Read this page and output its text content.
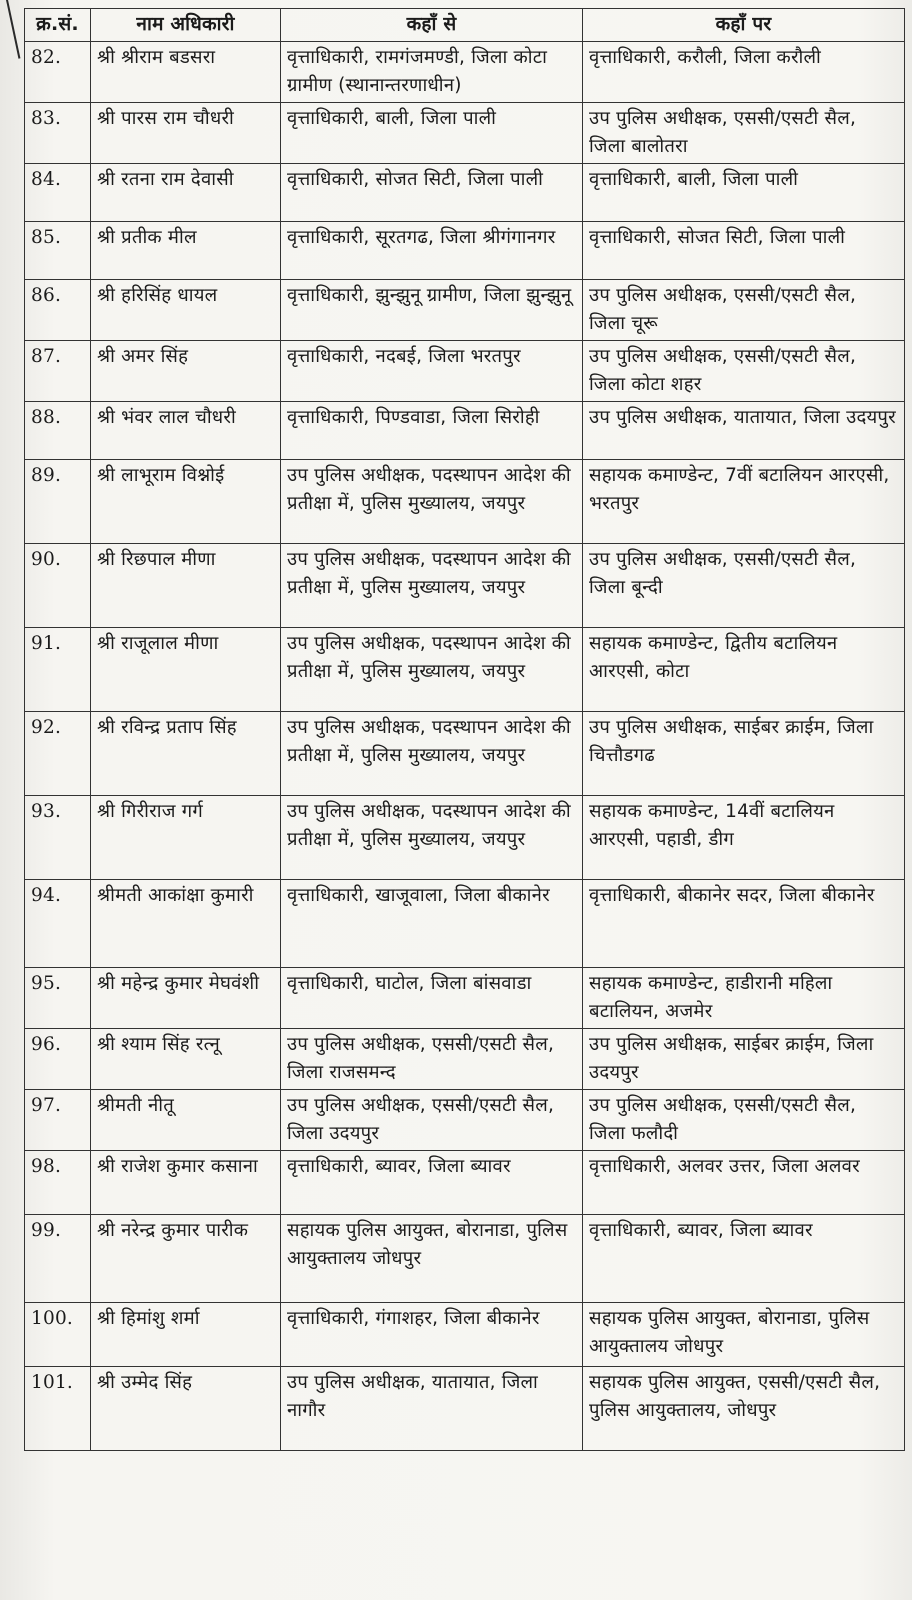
क्र.सं.	नाम अधिकारी	कहाँ से	कहाँ पर
82.	श्री श्रीराम बडसरा	वृत्ताधिकारी, रामगंजमण्डी, जिला कोटा ग्रामीण (स्थानान्तरणाधीन)	वृत्ताधिकारी, करौली, जिला करौली
83.	श्री पारस राम चौधरी	वृत्ताधिकारी, बाली, जिला पाली	उप पुलिस अधीक्षक, एससी/एसटी सैल, जिला बालोतरा
84.	श्री रतना राम देवासी	वृत्ताधिकारी, सोजत सिटी, जिला पाली	वृत्ताधिकारी, बाली, जिला पाली
85.	श्री प्रतीक मील	वृत्ताधिकारी, सूरतगढ, जिला श्रीगंगानगर	वृत्ताधिकारी, सोजत सिटी, जिला पाली
86.	श्री हरिसिंह धायल	वृत्ताधिकारी, झुन्झुनू ग्रामीण, जिला झुन्झुनू	उप पुलिस अधीक्षक, एससी/एसटी सैल, जिला चूरू
87.	श्री अमर सिंह	वृत्ताधिकारी, नदबई, जिला भरतपुर	उप पुलिस अधीक्षक, एससी/एसटी सैल, जिला कोटा शहर
88.	श्री भंवर लाल चौधरी	वृत्ताधिकारी, पिण्डवाडा, जिला सिरोही	उप पुलिस अधीक्षक, यातायात, जिला उदयपुर
89.	श्री लाभूराम विश्नोई	उप पुलिस अधीक्षक, पदस्थापन आदेश की प्रतीक्षा में, पुलिस मुख्यालय, जयपुर	सहायक कमाण्डेन्ट, 7वीं बटालियन आरएसी, भरतपुर
90.	श्री रिछपाल मीणा	उप पुलिस अधीक्षक, पदस्थापन आदेश की प्रतीक्षा में, पुलिस मुख्यालय, जयपुर	उप पुलिस अधीक्षक, एससी/एसटी सैल, जिला बून्दी
91.	श्री राजूलाल मीणा	उप पुलिस अधीक्षक, पदस्थापन आदेश की प्रतीक्षा में, पुलिस मुख्यालय, जयपुर	सहायक कमाण्डेन्ट, द्वितीय बटालियन आरएसी, कोटा
92.	श्री रविन्द्र प्रताप सिंह	उप पुलिस अधीक्षक, पदस्थापन आदेश की प्रतीक्षा में, पुलिस मुख्यालय, जयपुर	उप पुलिस अधीक्षक, साईबर क्राईम, जिला चित्तौडगढ
93.	श्री गिरीराज गर्ग	उप पुलिस अधीक्षक, पदस्थापन आदेश की प्रतीक्षा में, पुलिस मुख्यालय, जयपुर	सहायक कमाण्डेन्ट, 14वीं बटालियन आरएसी, पहाडी, डीग
94.	श्रीमती आकांक्षा कुमारी	वृत्ताधिकारी, खाजूवाला, जिला बीकानेर	वृत्ताधिकारी, बीकानेर सदर, जिला बीकानेर
95.	श्री महेन्द्र कुमार मेघवंशी	वृत्ताधिकारी, घाटोल, जिला बांसवाडा	सहायक कमाण्डेन्ट, हाडीरानी महिला बटालियन, अजमेर
96.	श्री श्याम सिंह रत्नू	उप पुलिस अधीक्षक, एससी/एसटी सैल, जिला राजसमन्द	उप पुलिस अधीक्षक, साईबर क्राईम, जिला उदयपुर
97.	श्रीमती नीतू	उप पुलिस अधीक्षक, एससी/एसटी सैल, जिला उदयपुर	उप पुलिस अधीक्षक, एससी/एसटी सैल, जिला फलौदी
98.	श्री राजेश कुमार कसाना	वृत्ताधिकारी, ब्यावर, जिला ब्यावर	वृत्ताधिकारी, अलवर उत्तर, जिला अलवर
99.	श्री नरेन्द्र कुमार पारीक	सहायक पुलिस आयुक्त, बोरानाडा, पुलिस आयुक्तालय जोधपुर	वृत्ताधिकारी, ब्यावर, जिला ब्यावर
100.	श्री हिमांशु शर्मा	वृत्ताधिकारी, गंगाशहर, जिला बीकानेर	सहायक पुलिस आयुक्त, बोरानाडा, पुलिस आयुक्तालय जोधपुर
101.	श्री उम्मेद सिंह	उप पुलिस अधीक्षक, यातायात, जिला नागौर	सहायक पुलिस आयुक्त, एससी/एसटी सैल, पुलिस आयुक्तालय, जोधपुर
